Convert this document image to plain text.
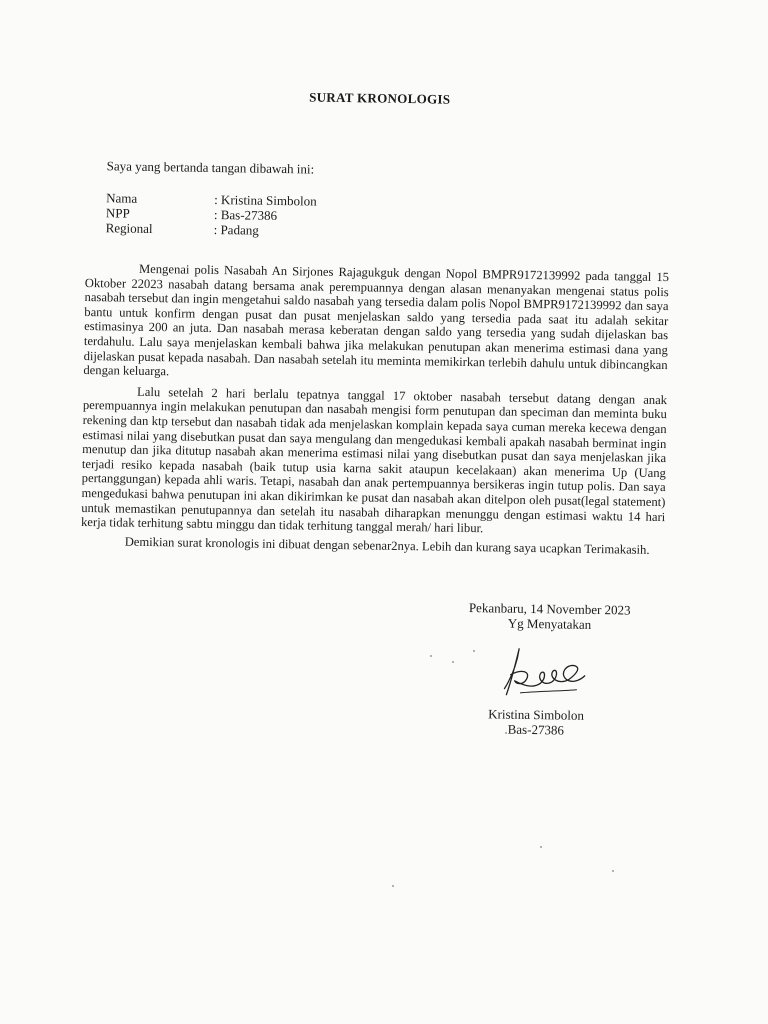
SURAT KRONOLOGIS
Saya yang bertanda tangan dibawah ini:
Nama	: Kristina Simbolon
NPP	: Bas-27386
Regional	: Padang

Mengenai polis Nasabah An Sirjones Rajagukguk dengan Nopol BMPR9172139992 pada tanggal 15 Oktober 22023 nasabah datang bersama anak perempuannya dengan alasan menanyakan mengenai status polis nasabah tersebut dan ingin mengetahui saldo nasabah yang tersedia dalam polis Nopol BMPR9172139992 dan saya bantu untuk konfirm dengan pusat dan pusat menjelaskan saldo yang tersedia pada saat itu adalah sekitar estimasinya 200 an juta. Dan nasabah merasa keberatan dengan saldo yang tersedia yang sudah dijelaskan bas terdahulu. Lalu saya menjelaskan kembali bahwa jika melakukan penutupan akan menerima estimasi dana yang dijelaskan pusat kepada nasabah. Dan nasabah setelah itu meminta memikirkan terlebih dahulu untuk dibincangkan dengan keluarga.

Lalu setelah 2 hari berlalu tepatnya tanggal 17 oktober nasabah tersebut datang dengan anak perempuannya ingin melakukan penutupan dan nasabah mengisi form penutupan dan speciman dan meminta buku rekening dan ktp tersebut dan nasabah tidak ada menjelaskan komplain kepada saya cuman mereka kecewa dengan estimasi nilai yang disebutkan pusat dan saya mengulang dan mengedukasi kembali apakah nasabah berminat ingin menutup dan jika ditutup nasabah akan menerima estimasi nilai yang disebutkan pusat dan saya menjelaskan jika terjadi resiko kepada nasabah (baik tutup usia karna sakit ataupun kecelakaan) akan menerima Up (Uang pertanggungan) kepada ahli waris. Tetapi, nasabah dan anak pertempuannya bersikeras ingin tutup polis. Dan saya mengedukasi bahwa penutupan ini akan dikirimkan ke pusat dan nasabah akan ditelpon oleh pusat(legal statement) untuk memastikan penutupannya dan setelah itu nasabah diharapkan menunggu dengan estimasi waktu 14 hari kerja tidak terhitung sabtu minggu dan tidak terhitung tanggal merah/ hari libur.

Demikian surat kronologis ini dibuat dengan sebenar2nya. Lebih dan kurang saya ucapkan Terimakasih.

Pekanbaru, 14 November 2023
Yg Menyatakan
Kristina Simbolon
Bas-27386
